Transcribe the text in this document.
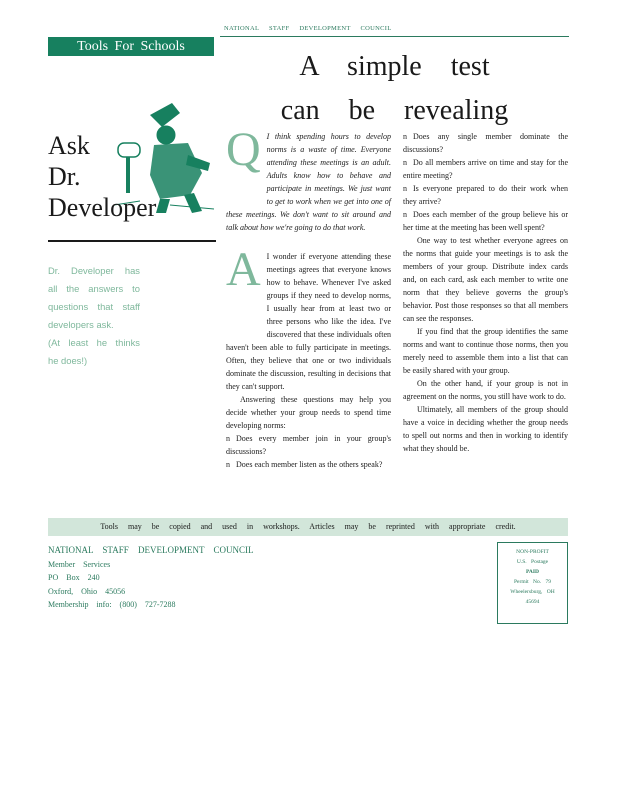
NATIONAL STAFF DEVELOPMENT COUNCIL
Tools For Schools
A simple test
can be revealing
Ask
Dr.
Developer

Dr. Developer has

all the answers to

questions that staff

developers ask.

(At least he thinks

he does!)

Q I think spending hours to develop norms is a waste of time. Everyone attending these meetings is an adult. Adults know how to behave and participate in meetings. We just want to get to work when we get into one of these meetings. We don't want to sit around and talk about how we're going to do that work.

A I wonder if everyone attending these meetings agrees that everyone knows how to behave. Whenever I've asked groups if they need to develop norms, I usually hear from at least two or three persons who like the idea. I've discovered that these individuals often haven't been able to fully participate in meetings. Often, they believe that one or two individuals dominate the discussion, resulting in decisions that they can't support.

Answering these questions may help you decide whether your group needs to spend time developing norms:

n Does every member join in your group's discussions?

n Does each member listen as the others speak?

n Does any single member dominate the discussions?

n Do all members arrive on time and stay for the entire meeting?

n Is everyone prepared to do their work when they arrive?

n Does each member of the group believe his or her time at the meeting has been well spent?

One way to test whether everyone agrees on the norms that guide your meetings is to ask the members of your group. Distribute index cards and, on each card, ask each member to write one norm that they believe governs the group's behavior. Post those responses so that all members can see the responses.

If you find that the group identifies the same norms and want to continue those norms, then you merely need to assemble them into a list that can be easily shared with your group.

On the other hand, if your group is not in agreement on the norms, you still have work to do.

Ultimately, all members of the group should have a voice in deciding whether the group needs to spell out norms and then in working to identify what they should be.

Tools may be copied and used in workshops. Articles may be reprinted with appropriate credit.
NATIONAL STAFF DEVELOPMENT COUNCIL
Member Services
PO Box 240
Oxford, Ohio 45056
Membership info: (800) 727-7288
NON-PROFIT
U.S. Postage
PAID
Permit No. 79
Wheelersburg, OH
45694
